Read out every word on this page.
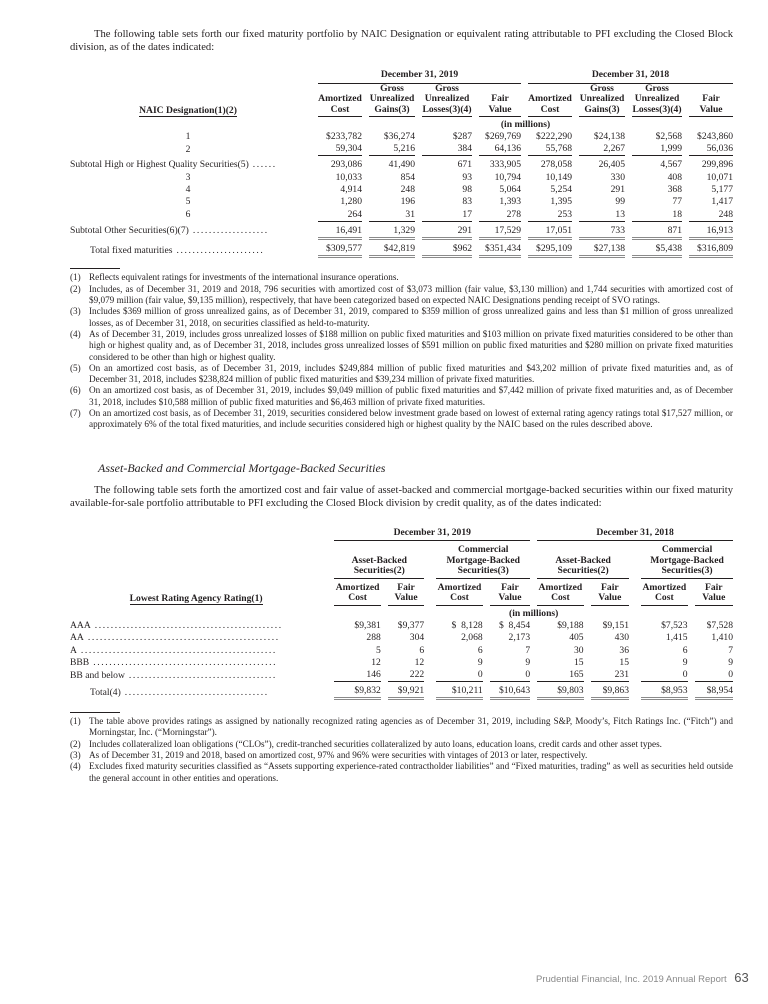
The following table sets forth our fixed maturity portfolio by NAIC Designation or equivalent rating attributable to PFI excluding the Closed Block division, as of the dates indicated:

		December 31, 2019								December 31, 2018						
NAIC Designation(1)(2)		
Amortized
Cost

Gross
Unrealized
Gains(3)

Gross
Unrealized
Losses(3)(4)

Fair
Value

Amortized
Cost

Gross
Unrealized
Gains(3)

Gross
Unrealized
Losses(3)(4)

Fair
Value

		(in millions)														
1		$233,782		$36,274		$287		$269,769		$222,290		$24,138		$2,568		$243,860
2		59,304		5,216		384		64,136		55,768		2,267		1,999		56,036
Subtotal High or Highest Quality Securities(5) ......		293,086		41,490		671		333,905		278,058		26,405		4,567		299,896
3		10,033		854		93		10,794		10,149		330		408		10,071
4		4,914		248		98		5,064		5,254		291		368		5,177
5		1,280		196		83		1,393		1,395		99		77		1,417
6		264		31		17		278		253		13		18		248
Subtotal Other Securities(6)(7) ...................		16,491		1,329		291		17,529		17,051		733		871		16,913

Total fixed maturities ......................		$309,577		$42,819		$962		$351,434		$295,109		$27,138		$5,438		$316,809
(1) Reflects equivalent ratings for investments of the international insurance operations.
(2) Includes, as of December 31, 2019 and 2018, 796 securities with amortized cost of $3,073 million (fair value, $3,130 million) and 1,744 securities with amortized cost of $9,079 million (fair value, $9,135 million), respectively, that have been categorized based on expected NAIC Designations pending receipt of SVO ratings.
(3) Includes $369 million of gross unrealized gains, as of December 31, 2019, compared to $359 million of gross unrealized gains and less than $1 million of gross unrealized losses, as of December 31, 2018, on securities classified as held-to-maturity.
(4) As of December 31, 2019, includes gross unrealized losses of $188 million on public fixed maturities and $103 million on private fixed maturities considered to be other than high or highest quality and, as of December 31, 2018, includes gross unrealized losses of $591 million on public fixed maturities and $280 million on private fixed maturities considered to be other than high or highest quality.
(5) On an amortized cost basis, as of December 31, 2019, includes $249,884 million of public fixed maturities and $43,202 million of private fixed maturities and, as of December 31, 2018, includes $238,824 million of public fixed maturities and $39,234 million of private fixed maturities.
(6) On an amortized cost basis, as of December 31, 2019, includes $9,049 million of public fixed maturities and $7,442 million of private fixed maturities and, as of December 31, 2018, includes $10,588 million of public fixed maturities and $6,463 million of private fixed maturities.
(7) On an amortized cost basis, as of December 31, 2019, securities considered below investment grade based on lowest of external rating agency ratings total $17,527 million, or approximately 6% of the total fixed maturities, and include securities considered high or highest quality by the NAIC based on the rules described above.
Asset-Backed and Commercial Mortgage-Backed Securities

The following table sets forth the amortized cost and fair value of asset-backed and commercial mortgage-backed securities within our fixed maturity available-for-sale portfolio attributable to PFI excluding the Closed Block division by credit quality, as of the dates indicated:

		December 31, 2019								December 31, 2018						

Asset-Backed
Securities(2)

Commercial
Mortgage-Backed
Securities(3)

Asset-Backed
Securities(2)

Commercial
Mortgage-Backed
Securities(3)

Lowest Rating Agency Rating(1)		
Amortized
Cost

Fair
Value

Amortized
Cost

Fair
Value

Amortized
Cost

Fair
Value

Amortized
Cost

Fair
Value

		(in millions)														
AAA ...............................................		$9,381		$9,377		$  8,128		$  8,454		$9,188		$9,151		$7,523		$7,528
AA ................................................		288		304		2,068		2,173		405		430		1,415		1,410
A .................................................		5		6		6		7		30		36		6		7
BBB ..............................................		12		12		9		9		15		15		9		9
BB and below .....................................		146		222		0		0		165		231		0		0
Total(4) ....................................		$9,832		$9,921		$10,211		$10,643		$9,803		$9,863		$8,953		$8,954
(1) The table above provides ratings as assigned by nationally recognized rating agencies as of December 31, 2019, including S&P, Moody’s, Fitch Ratings Inc. (“Fitch”) and Morningstar, Inc. (“Morningstar”).
(2) Includes collateralized loan obligations (“CLOs”), credit-tranched securities collateralized by auto loans, education loans, credit cards and other asset types.
(3) As of December 31, 2019 and 2018, based on amortized cost, 97% and 96% were securities with vintages of 2013 or later, respectively.
(4) Excludes fixed maturity securities classified as “Assets supporting experience-rated contractholder liabilities” and “Fixed maturities, trading” as well as securities held outside the general account in other entities and operations.
Prudential Financial, Inc. 2019 Annual Report 63
